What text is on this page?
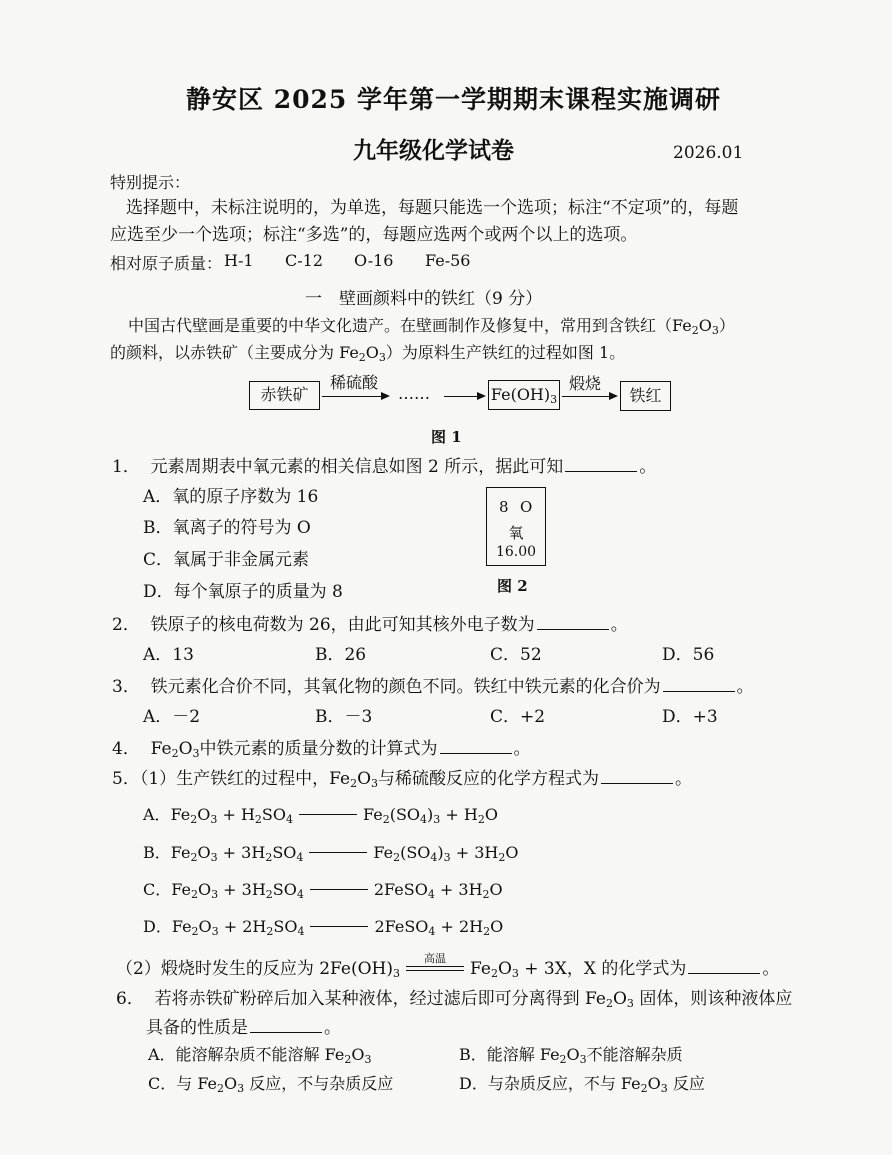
静安区 2025 学年第一学期期末课程实施调研
九年级化学试卷	2026.01
特别提示：
选择题中，未标注说明的，为单选，每题只能选一个选项；标注“不定项”的，每题
应选至少一个选项；标注“多选”的，每题应选两个或两个以上的选项。
相对原子质量： H-1 C-12 O-16 Fe-56
一　壁画颜料中的铁红（9 分）
中国古代壁画是重要的中华文化遗产。在壁画制作及修复中，常用到含铁红$(Fe_2O_3)$
的颜料，以赤铁矿（主要成分为 $Fe_2O_3$）为原料生产铁红的过程如图 1。
赤铁矿
稀硫酸
……	$Fe(OH)_3$
煅烧
铁红
图 1
1． 元素周期表中氧元素的相关信息如图 2 所示，据此可知	。
A．氧的原子序数为 16
B．氧离子的符号为 O
C．氧属于非金属元素
D．每个氧原子的质量为 8
8 O
氧
16.00
图 2
2． 铁原子的核电荷数为 26，由此可知其核外电子数为	。
A．13	B．26	C．52	D．56
3． 铁元素化合价不同，其氧化物的颜色不同。铁红中铁元素的化合价为	。
A．－2	B．－3	C．+2	D．+3
4． $Fe_2O_3$中铁元素的质量分数的计算式为	。
5．（1）生产铁红的过程中，$Fe_2O_3$与稀硫酸反应的化学方程式为	。
A．$Fe_2O_3 + H_2SO_4$	$Fe_2(SO_4)_3 + H_2O$
B．$Fe_2O_3 + 3H_2SO_4$	$Fe_2(SO_4)_3 + 3H_2O$
C．$Fe_2O_3 + 3H_2SO_4$	2FeSO$_4$ + $3H_2O$
D．$Fe_2O_3 + 2H_2SO_4$	2FeSO$_4$ + $2H_2O$
（2）煅烧时发生的反应为 $2Fe(OH)_3$
高温
$Fe_2O_3 + 3X$，X 的化学式为	。
6． 若将赤铁矿粉碎后加入某种液体，经过滤后即可分离得到 $Fe_2O_3$ 固体，则该种液体应
具备的性质是	。
A．能溶解杂质不能溶解 $Fe_2O_3$	B．能溶解 $Fe_2O_3$不能溶解杂质
C．与 $Fe_2O_3$ 反应，不与杂质反应	D．与杂质反应，不与 $Fe_2O_3$ 反应
